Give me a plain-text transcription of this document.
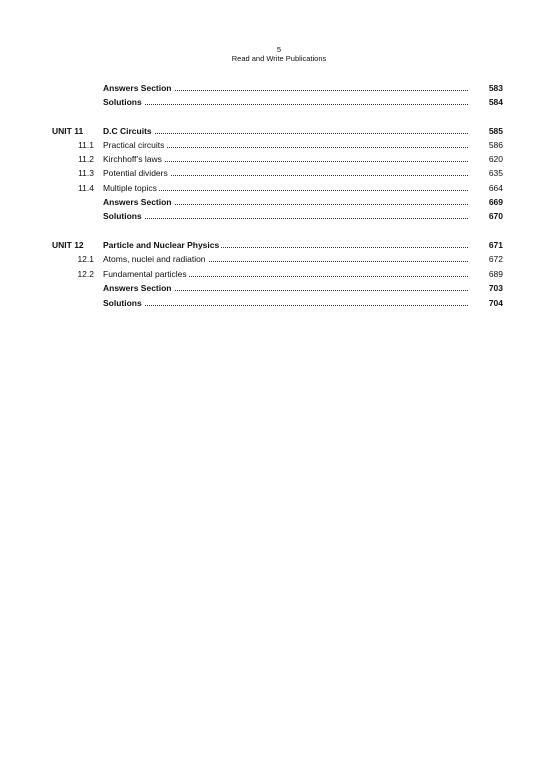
5
Read and Write Publications
Answers Section	583
Solutions	584
UNIT 11	D.C Circuits	585
11.1 Practical circuits	586
11.2 Kirchhoff’s laws	620
11.3 Potential dividers	635
11.4 Multiple topics	664
Answers Section	669
Solutions	670
UNIT 12	Particle and Nuclear Physics	671
12.1 Atoms, nuclei and radiation	672
12.2 Fundamental particles	689
Answers Section	703
Solutions	704
